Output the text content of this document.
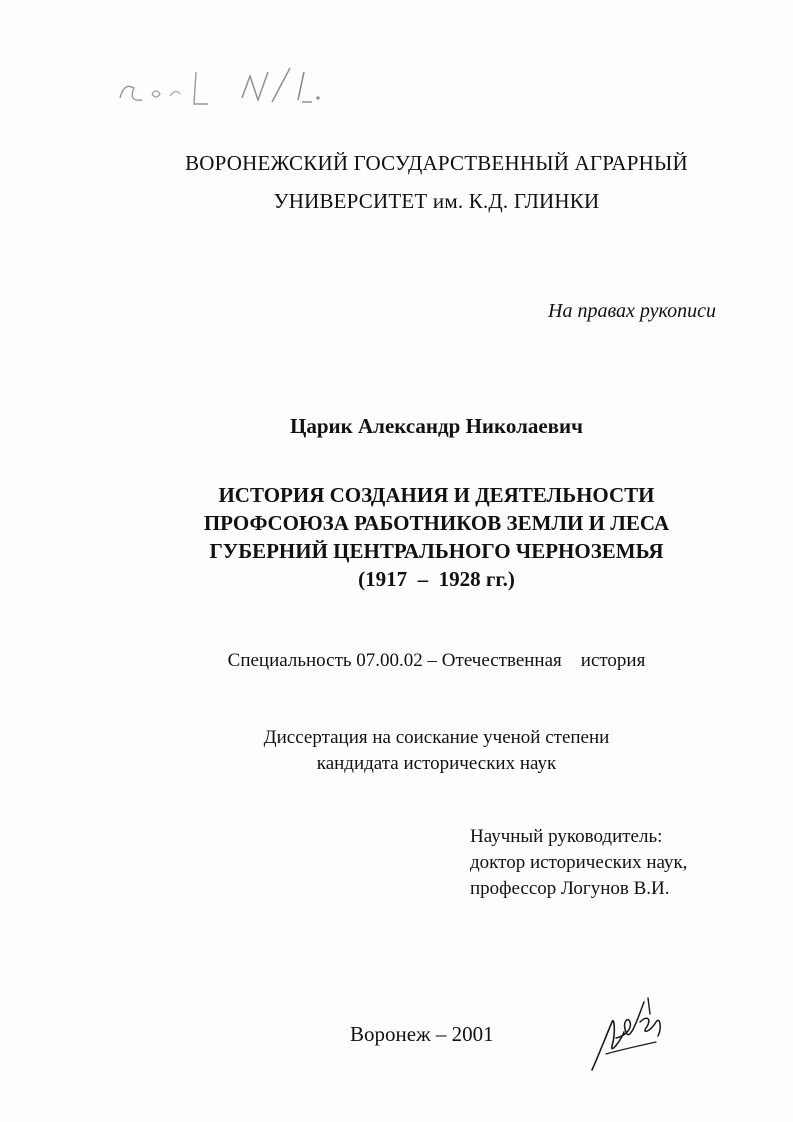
ВОРОНЕЖСКИЙ ГОСУДАРСТВЕННЫЙ АГРАРНЫЙ
УНИВЕРСИТЕТ им. К.Д. ГЛИНКИ
На правах рукописи
Царик Александр Николаевич
ИСТОРИЯ СОЗДАНИЯ И ДЕЯТЕЛЬНОСТИ
ПРОФСОЮЗА РАБОТНИКОВ ЗЕМЛИ И ЛЕСА
ГУБЕРНИЙ ЦЕНТРАЛЬНОГО ЧЕРНОЗЕМЬЯ
(1917  –  1928 гг.)
Специальность 07.00.02 – Отечественная    история
Диссертация на соискание ученой степени
кандидата исторических наук
Научный руководитель:
доктор исторических наук,
профессор Логунов В.И.
Воронеж – 2001
